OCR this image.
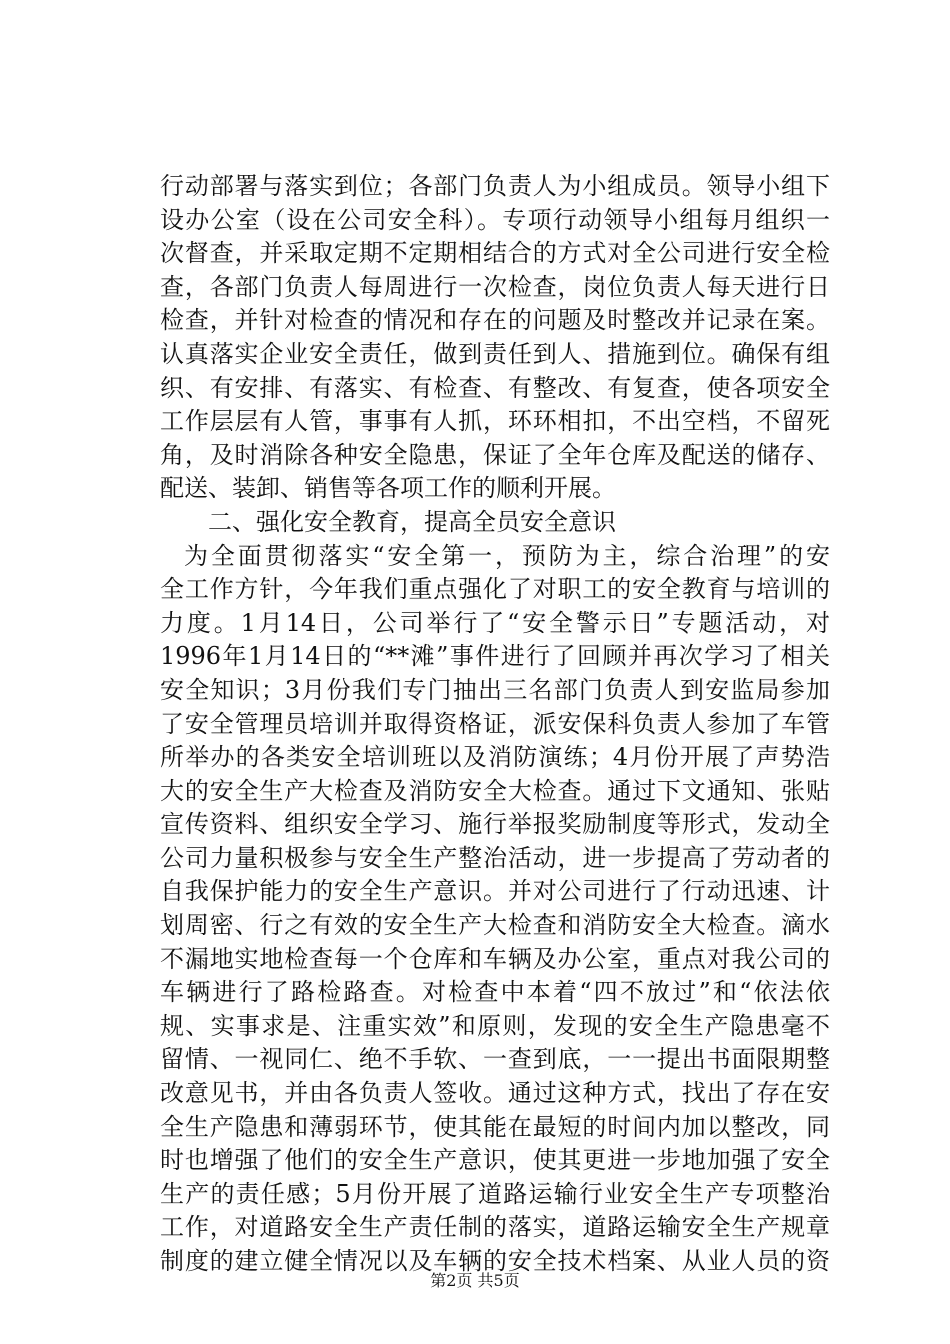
行动部署与落实到位；各部门负责人为小组成员。领导小组下
设办公室（设在公司安全科）。专项行动领导小组每月组织一
次督查，并采取定期不定期相结合的方式对全公司进行安全检
查，各部门负责人每周进行一次检查，岗位负责人每天进行日
检查，并针对检查的情况和存在的问题及时整改并记录在案。
认真落实企业安全责任，做到责任到人、措施到位。确保有组
织、有安排、有落实、有检查、有整改、有复查，使各项安全
工作层层有人管，事事有人抓，环环相扣，不出空档，不留死
角，及时消除各种安全隐患，保证了全年仓库及配送的储存、
配送、装卸、销售等各项工作的顺利开展。
二、强化安全教育，提高全员安全意识
为全面贯彻落实“安全第一，预防为主，综合治理”的安
全工作方针，今年我们重点强化了对职工的安全教育与培训的
力度。1月14日，公司举行了“安全警示日”专题活动，对
1996年1月14日的“**滩”事件进行了回顾并再次学习了相关
安全知识；3月份我们专门抽出三名部门负责人到安监局参加
了安全管理员培训并取得资格证，派安保科负责人参加了车管
所举办的各类安全培训班以及消防演练；4月份开展了声势浩
大的安全生产大检查及消防安全大检查。通过下文通知、张贴
宣传资料、组织安全学习、施行举报奖励制度等形式，发动全
公司力量积极参与安全生产整治活动，进一步提高了劳动者的
自我保护能力的安全生产意识。并对公司进行了行动迅速、计
划周密、行之有效的安全生产大检查和消防安全大检查。滴水
不漏地实地检查每一个仓库和车辆及办公室，重点对我公司的
车辆进行了路检路查。对检查中本着“四不放过”和“依法依
规、实事求是、注重实效”和原则，发现的安全生产隐患毫不
留情、一视同仁、绝不手软、一查到底，一一提出书面限期整
改意见书，并由各负责人签收。通过这种方式，找出了存在安
全生产隐患和薄弱环节，使其能在最短的时间内加以整改，同
时也增强了他们的安全生产意识，使其更进一步地加强了安全
生产的责任感；5月份开展了道路运输行业安全生产专项整治
工作，对道路安全生产责任制的落实，道路运输安全生产规章
制度的建立健全情况以及车辆的安全技术档案、从业人员的资
第2页 共5页
